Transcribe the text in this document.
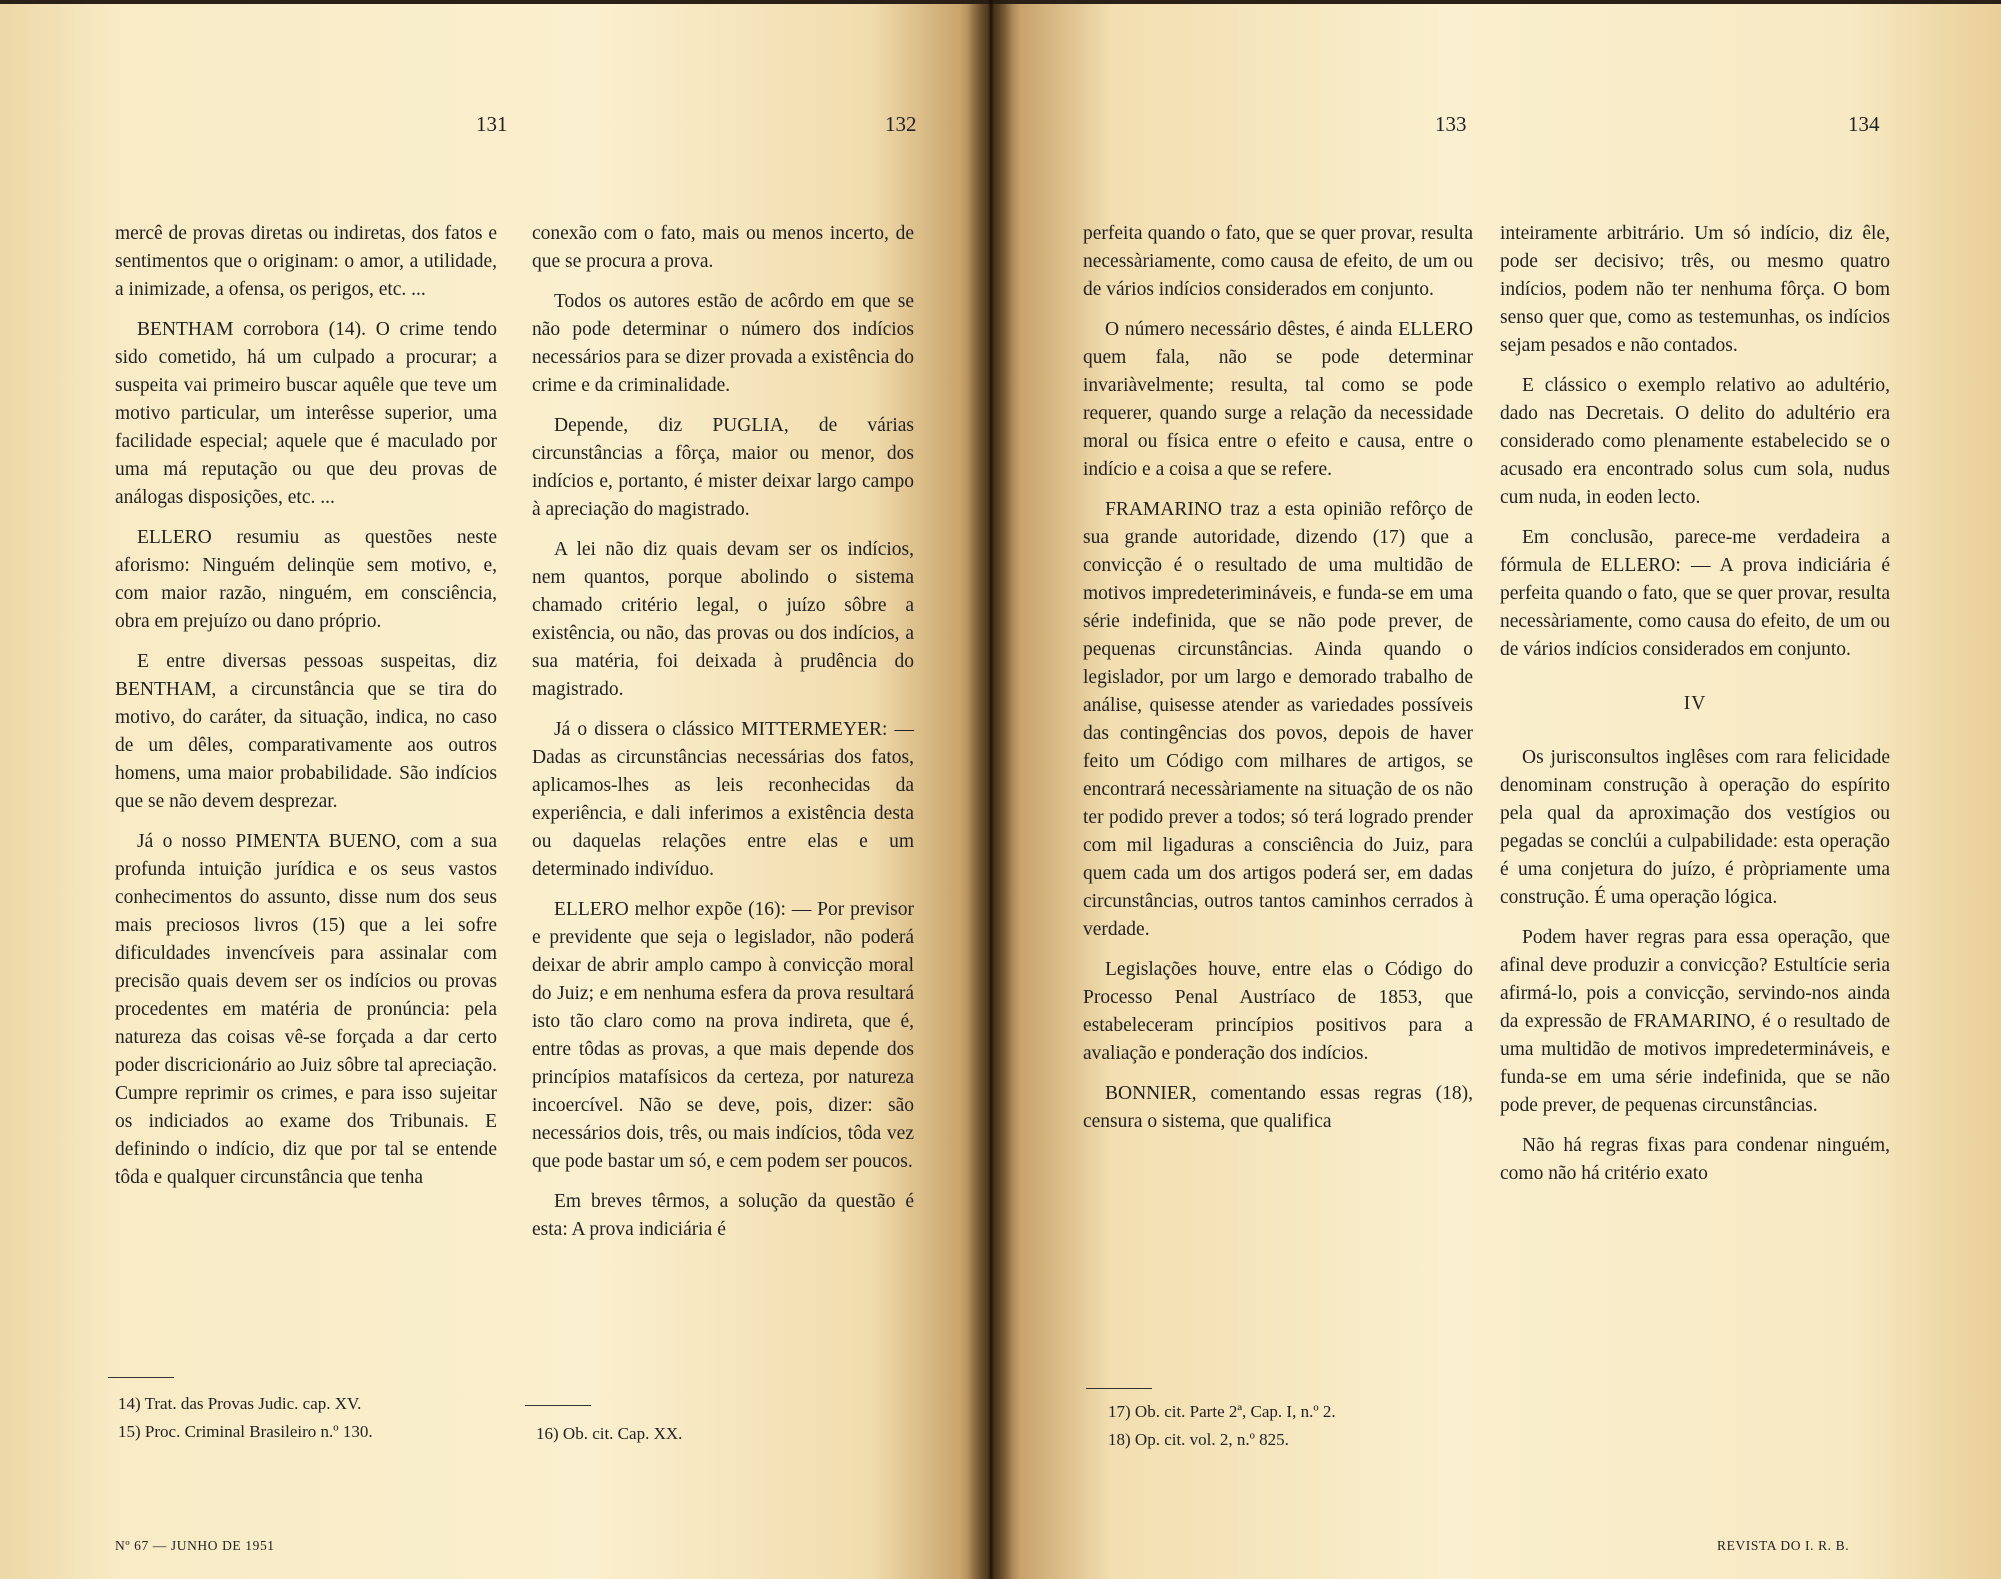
131	132	133	134

mercê de provas diretas ou indiretas, dos fatos e sentimentos que o originam: o amor, a utilidade, a inimizade, a ofensa, os perigos, etc. ...

BENTHAM corrobora (14). O crime tendo sido cometido, há um culpado a procurar; a suspeita vai primeiro buscar aquêle que teve um motivo particular, um interêsse superior, uma facilidade especial; aquele que é maculado por uma má reputação ou que deu provas de análogas disposições, etc. ...

ELLERO resumiu as questões neste aforismo: Ninguém delinqüe sem motivo, e, com maior razão, ninguém, em consciência, obra em prejuízo ou dano próprio.

E entre diversas pessoas suspeitas, diz BENTHAM, a circunstância que se tira do motivo, do caráter, da situação, indica, no caso de um dêles, comparativamente aos outros homens, uma maior probabilidade. São indícios que se não devem desprezar.

Já o nosso PIMENTA BUENO, com a sua profunda intuição jurídica e os seus vastos conhecimentos do assunto, disse num dos seus mais preciosos livros (15) que a lei sofre dificuldades invencíveis para assinalar com precisão quais devem ser os indícios ou provas procedentes em matéria de pronúncia: pela natureza das coisas vê-se forçada a dar certo poder discricionário ao Juiz sôbre tal apreciação. Cumpre reprimir os crimes, e para isso sujeitar os indiciados ao exame dos Tribunais. E definindo o indício, diz que por tal se entende tôda e qualquer circunstância que tenha

conexão com o fato, mais ou menos incerto, de que se procura a prova.

Todos os autores estão de acôrdo em que se não pode determinar o número dos indícios necessários para se dizer provada a existência do crime e da criminalidade.

Depende, diz PUGLIA, de várias circunstâncias a fôrça, maior ou menor, dos indícios e, portanto, é mister deixar largo campo à apreciação do magistrado.

A lei não diz quais devam ser os indícios, nem quantos, porque abolindo o sistema chamado critério legal, o juízo sôbre a existência, ou não, das provas ou dos indícios, a sua matéria, foi deixada à prudência do magistrado.

Já o dissera o clássico MITTERMEYER: — Dadas as circunstâncias necessárias dos fatos, aplicamos-lhes as leis reconhecidas da experiência, e dali inferimos a existência desta ou daquelas relações entre elas e um determinado indivíduo.

ELLERO melhor expõe (16): — Por previsor e previdente que seja o legislador, não poderá deixar de abrir amplo campo à convicção moral do Juiz; e em nenhuma esfera da prova resultará isto tão claro como na prova indireta, que é, entre tôdas as provas, a que mais depende dos princípios matafísicos da certeza, por natureza incoercível. Não se deve, pois, dizer: são necessários dois, três, ou mais indícios, tôda vez que pode bastar um só, e cem podem ser poucos.

Em breves têrmos, a solução da questão é esta: A prova indiciária é

perfeita quando o fato, que se quer provar, resulta necessàriamente, como causa de efeito, de um ou de vários indícios considerados em conjunto.

O número necessário dêstes, é ainda ELLERO quem fala, não se pode determinar invariàvelmente; resulta, tal como se pode requerer, quando surge a relação da necessidade moral ou física entre o efeito e causa, entre o indício e a coisa a que se refere.

FRAMARINO traz a esta opinião refôrço de sua grande autoridade, dizendo (17) que a convicção é o resultado de uma multidão de motivos impredeterimináveis, e funda-se em uma série indefinida, que se não pode prever, de pequenas circunstâncias. Ainda quando o legislador, por um largo e demorado trabalho de análise, quisesse atender as variedades possíveis das contingências dos povos, depois de haver feito um Código com milhares de artigos, se encontrará necessàriamente na situação de os não ter podido prever a todos; só terá logrado prender com mil ligaduras a consciência do Juiz, para quem cada um dos artigos poderá ser, em dadas circunstâncias, outros tantos caminhos cerrados à verdade.

Legislações houve, entre elas o Código do Processo Penal Austríaco de 1853, que estabeleceram princípios positivos para a avaliação e ponderação dos indícios.

BONNIER, comentando essas regras (18), censura o sistema, que qualifica

inteiramente arbitrário. Um só indício, diz êle, pode ser decisivo; três, ou mesmo quatro indícios, podem não ter nenhuma fôrça. O bom senso quer que, como as testemunhas, os indícios sejam pesados e não contados.

E clássico o exemplo relativo ao adultério, dado nas Decretais. O delito do adultério era considerado como plenamente estabelecido se o acusado era encontrado solus cum sola, nudus cum nuda, in eoden lecto.

Em conclusão, parece-me verdadeira a fórmula de ELLERO: — A prova indiciária é perfeita quando o fato, que se quer provar, resulta necessàriamente, como causa do efeito, de um ou de vários indícios considerados em conjunto.

IV

Os jurisconsultos inglêses com rara felicidade denominam construção à operação do espírito pela qual da aproximação dos vestígios ou pegadas se conclúi a culpabilidade: esta operação é uma conjetura do juízo, é pròpriamente uma construção. É uma operação lógica.

Podem haver regras para essa operação, que afinal deve produzir a convicção? Estultície seria afirmá-lo, pois a convicção, servindo-nos ainda da expressão de FRAMARINO, é o resultado de uma multidão de motivos impredetermináveis, e funda-se em uma série indefinida, que se não pode prever, de pequenas circunstâncias.

Não há regras fixas para condenar ninguém, como não há critério exato

14) Trat. das Provas Judic. cap. XV.
15) Proc. Criminal Brasileiro n.º 130.	16) Ob. cit. Cap. XX.
17) Ob. cit. Parte 2ª, Cap. I, n.º 2.
18) Op. cit. vol. 2, n.º 825.
Nº 67 — JUNHO DE 1951	REVISTA DO I. R. B.
